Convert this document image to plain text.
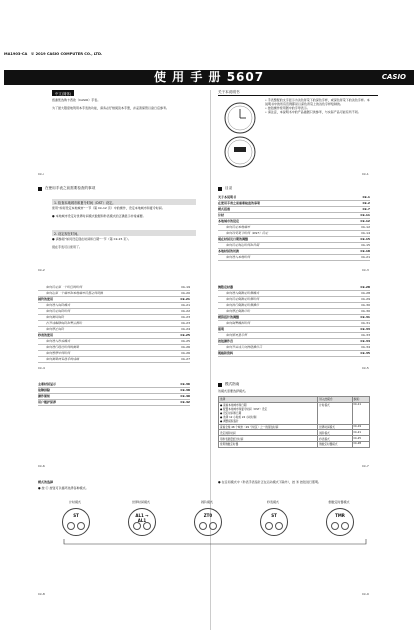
MA1903-CA © 2019 CASIO COMPUTER CO., LTD.
使 用 手 册 5607	CASIO
中文(简体)
感谢您选购卡西欧（CASIO）手表。
为了最大限度地利用本手表的功能，请务必仔细阅读本手册，并妥善保管以备日后参考。
Ck-i
关于本说明书
• 手表整配的文字显示为浅色背景下的深色字样，或深色背景下的浅色字样。本说明书中的所有范例都是以深色背景上的浅色字样绘制的。
• 按钮操作使用图中的字母表示。
• 请注意，本说明书中的产品插图只供参考，与实际产品可能有所不同。
Ck-1
在使用手表之前需要检查的事项
1. 检查本地城市和夏令时间（DST）设定。
使用“如何设定本地城市”一节（第 Ck-12 页）中的操作，设定本地城市和夏令时间。
● 本地城市设定对世界时间模式数据和秒表模式的正确显示非常重要。
2. 设定现在时间。
● 请参阅“如何设定现在时间和日期”一节（第 Ck-15 页）。
现在手表可以使用了。
Ck-2
目录
关于本说明书	Ck-1
在使用手表之前需要检查的事项	Ck-2
模式指南	Ck-7
计时	Ck-11
本地城市的设定	Ck-12
如何设定本地城市	Ck-12
如何改变夏令时间（DST）设定	Ck-14
现在时间及日期的调整	Ck-15
如何设定现在时间和日期	Ck-15
本地时间的切换	Ck-18
如何进入本地时间	Ck-21
Ck-3
如何设定第一个时区的时间	Ck-19
如何在第一个城市和本地城市设置之间切换	Ck-20
闹铃的使用	Ck-21
如何进入闹铃模式	Ck-21
如何设定闹铃时间	Ck-22
如何测试闹铃	Ck-23
打开或解除闹铃和整点报时	Ck-23
如何停止闹铃	Ck-24
秒表的使用	Ck-25
如何进入秒表模式	Ck-25
如何进行经过时间的测量	Ck-26
如何暂停中间时间	Ck-26
如何测量两名选手的成绩	Ck-27
倒数定时器	Ck-28
如何进入倒数定时器模式	Ck-28
如何设定倒数定时器时间	Ck-29
如何执行倒数定时器操作	Ck-30
如何停止倒数计时	Ck-30
模拟指针的调整	Ck-31
如何调整模拟时间	Ck-31
照明	Ck-33
如何照亮显示屏	Ck-33
按钮操作音	Ck-34
如何开启或关闭按钮操作音	Ck-34
规格和资料	Ck-35
Ck-4	Ck-5
主要时间显示	Ck-36
故障排除	Ck-38
操作须知	Ck-40
用户维护保养	Ck-42
Ck-6
模式指南
该模式需要选择模式。
选择	进入此模式：	参阅：
● 查看本地城市和日期
● 配置本地城市和夏令时间（DST）设定
● 设定时间和日期
● 选择 12 小时或 24 小时时制
● 调整模拟指针	计时模式	Ck-11
查看全球 48 个城市（29 个时区）之一的现在时间	世界时间模式	Ck-19
设定闹铃时间	闹铃模式	Ck-21
用秒表测量经过时间	秒表模式	Ck-25
使用倒数定时器	倒数定时器模式	Ck-28
Ck-7
模式的选择
● 按 Ⓒ 按钮可以循环选择各种模式。
● 在任何模式中（秒表手表指针正在运动模式下除外），按 Ⓑ 按钮进行照明。
计时模式
ST
世界时间模式
AL1 → AL1
闹铃模式
ZT0
秒表模式
ST
倒数定时器模式
TMR
Ck-8	Ck-9
